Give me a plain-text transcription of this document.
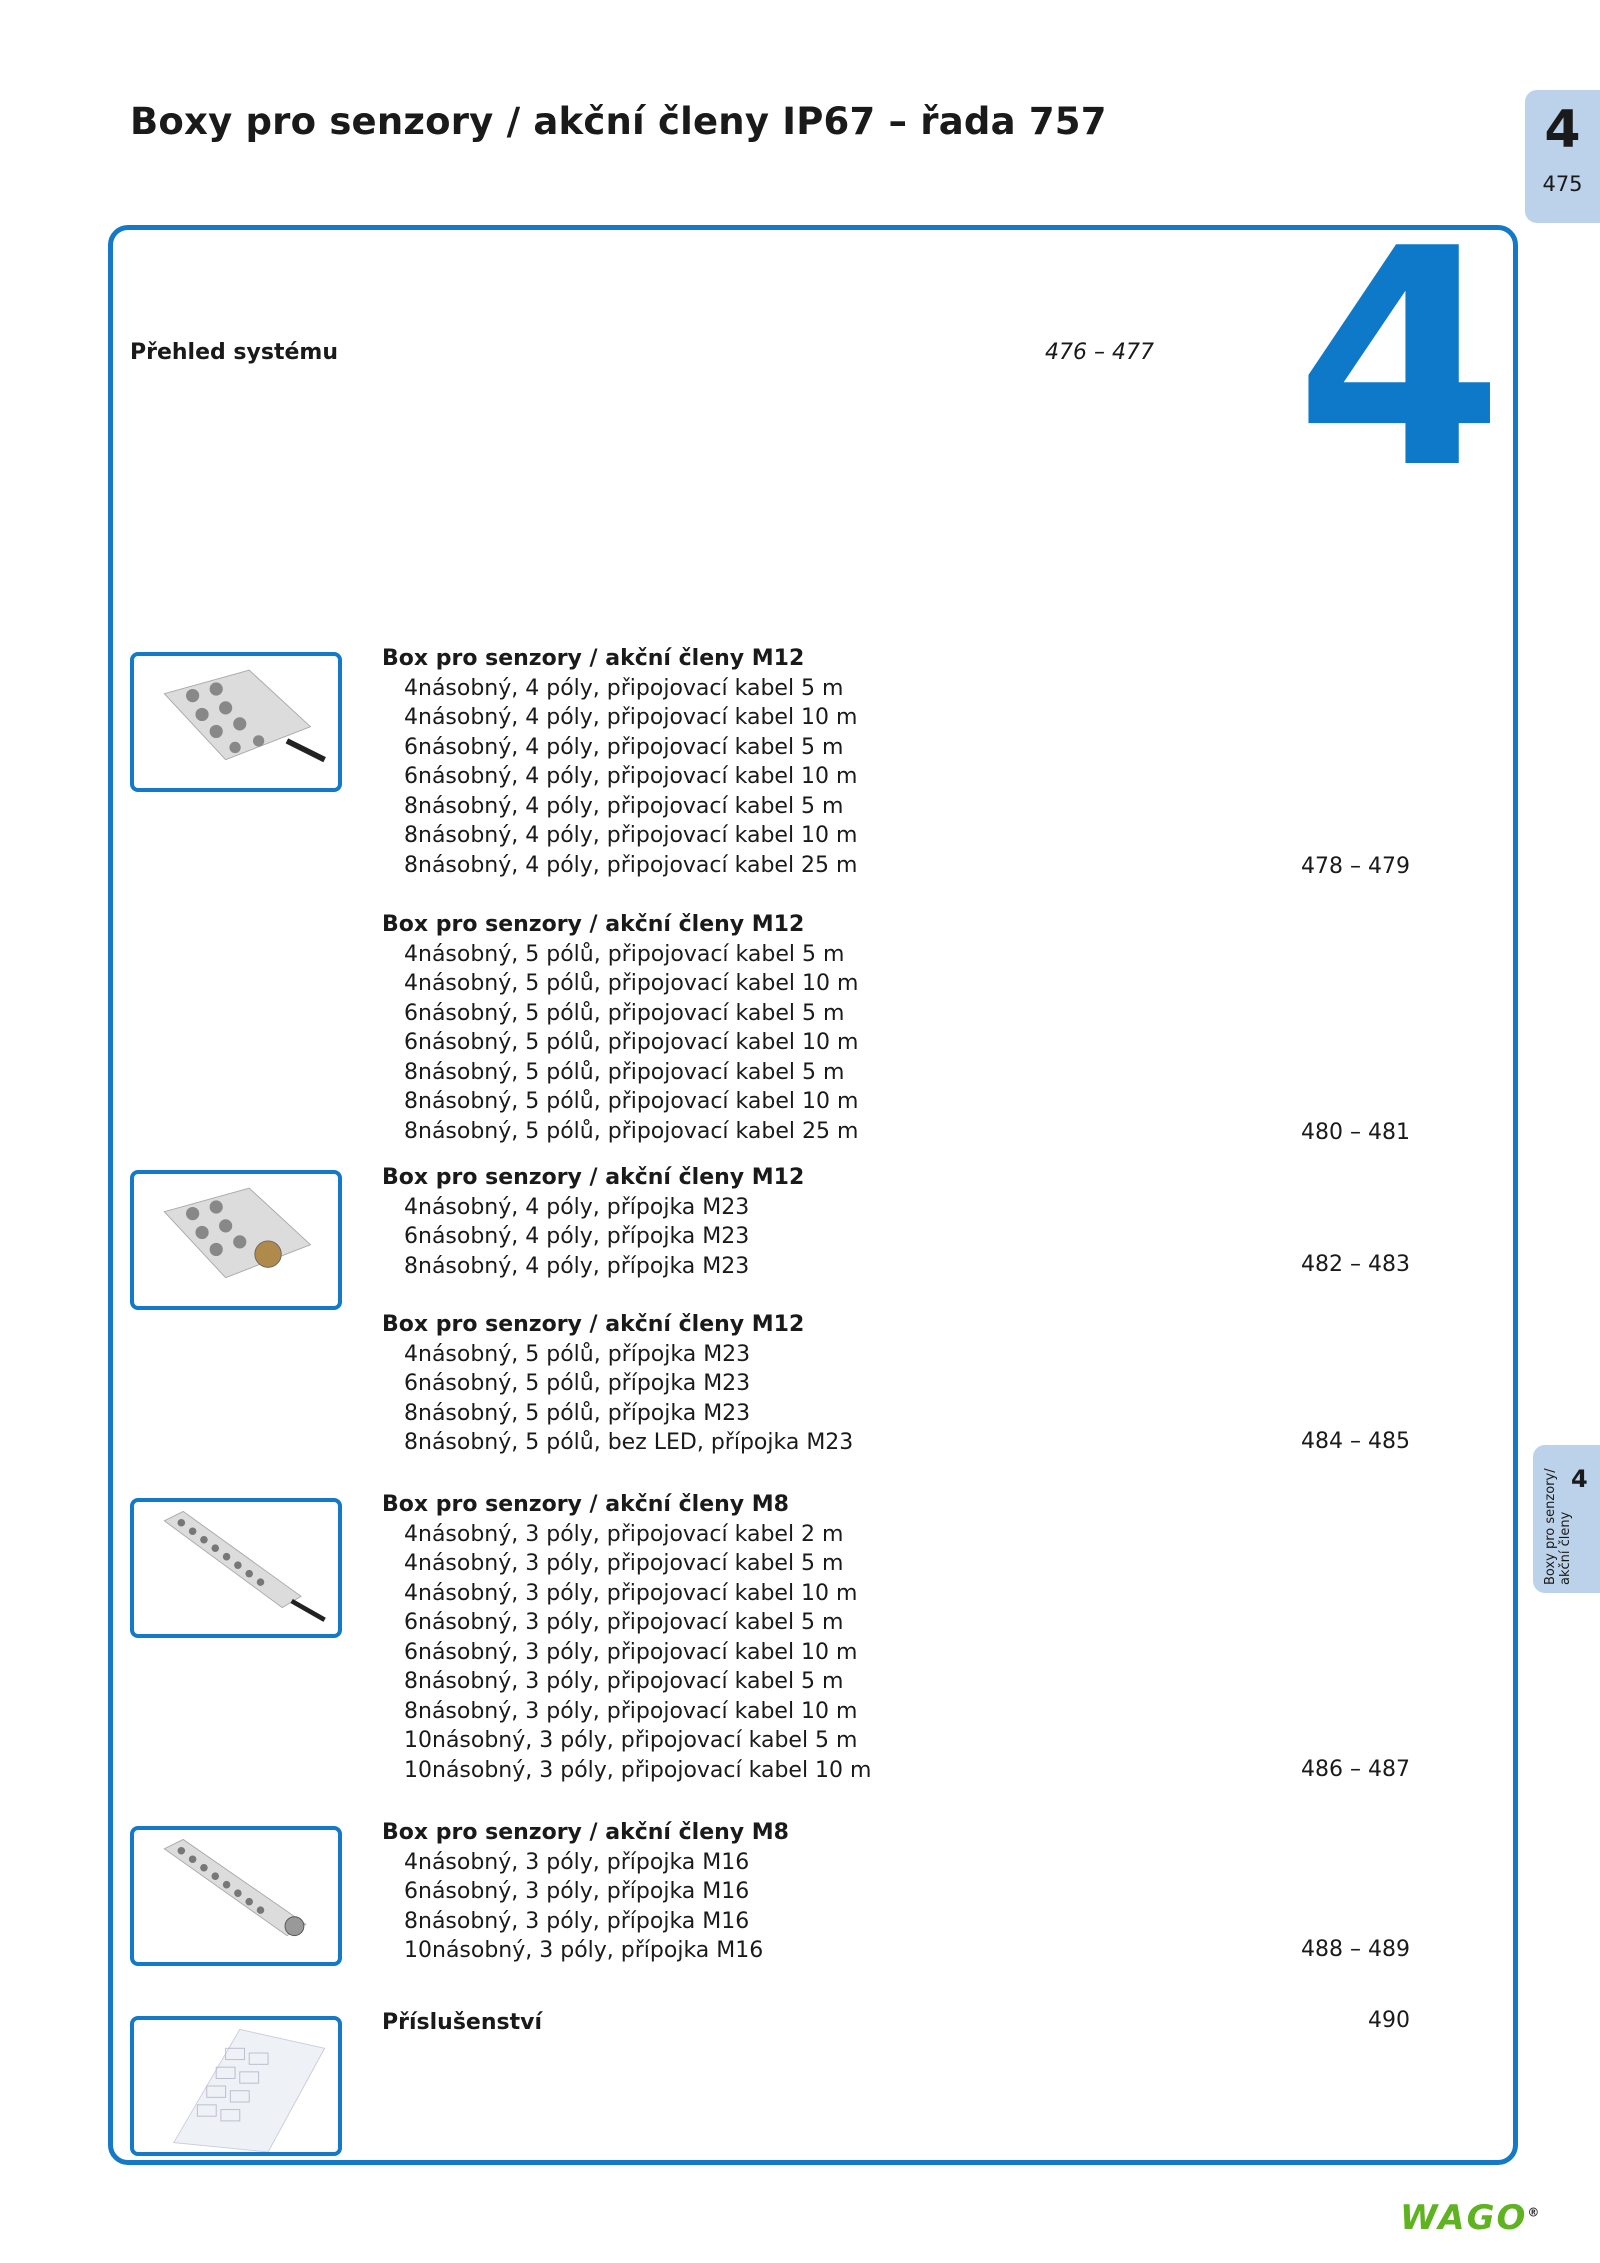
Boxy pro senzory / akční členy IP67 – řada 757	4
475
4
Přehled systému	476 – 477
Box pro senzory / akční členy M12
4násobný, 4 póly, připojovací kabel 5 m
4násobný, 4 póly, připojovací kabel 10 m
6násobný, 4 póly, připojovací kabel 5 m
6násobný, 4 póly, připojovací kabel 10 m
8násobný, 4 póly, připojovací kabel 5 m
8násobný, 4 póly, připojovací kabel 10 m
8násobný, 4 póly, připojovací kabel 25 m	478 – 479
Box pro senzory / akční členy M12
4násobný, 5 pólů, připojovací kabel 5 m
4násobný, 5 pólů, připojovací kabel 10 m
6násobný, 5 pólů, připojovací kabel 5 m
6násobný, 5 pólů, připojovací kabel 10 m
8násobný, 5 pólů, připojovací kabel 5 m
8násobný, 5 pólů, připojovací kabel 10 m
8násobný, 5 pólů, připojovací kabel 25 m	480 – 481
Box pro senzory / akční členy M12
4násobný, 4 póly, přípojka M23
6násobný, 4 póly, přípojka M23
8násobný, 4 póly, přípojka M23	482 – 483
Box pro senzory / akční členy M12
4násobný, 5 pólů, přípojka M23
6násobný, 5 pólů, přípojka M23
8násobný, 5 pólů, přípojka M23
8násobný, 5 pólů, bez LED, přípojka M23	484 – 485
Box pro senzory / akční členy M8
4násobný, 3 póly, připojovací kabel 2 m
4násobný, 3 póly, připojovací kabel 5 m
4násobný, 3 póly, připojovací kabel 10 m
6násobný, 3 póly, připojovací kabel 5 m
6násobný, 3 póly, připojovací kabel 10 m
8násobný, 3 póly, připojovací kabel 5 m
8násobný, 3 póly, připojovací kabel 10 m
10násobný, 3 póly, připojovací kabel 5 m
10násobný, 3 póly, připojovací kabel 10 m	486 – 487
Box pro senzory / akční členy M8
4násobný, 3 póly, přípojka M16
6násobný, 3 póly, přípojka M16
8násobný, 3 póly, přípojka M16
10násobný, 3 póly, přípojka M16	488 – 489
Příslušenství	490
4
Boxy pro senzory/ akční členy
WAGO®
